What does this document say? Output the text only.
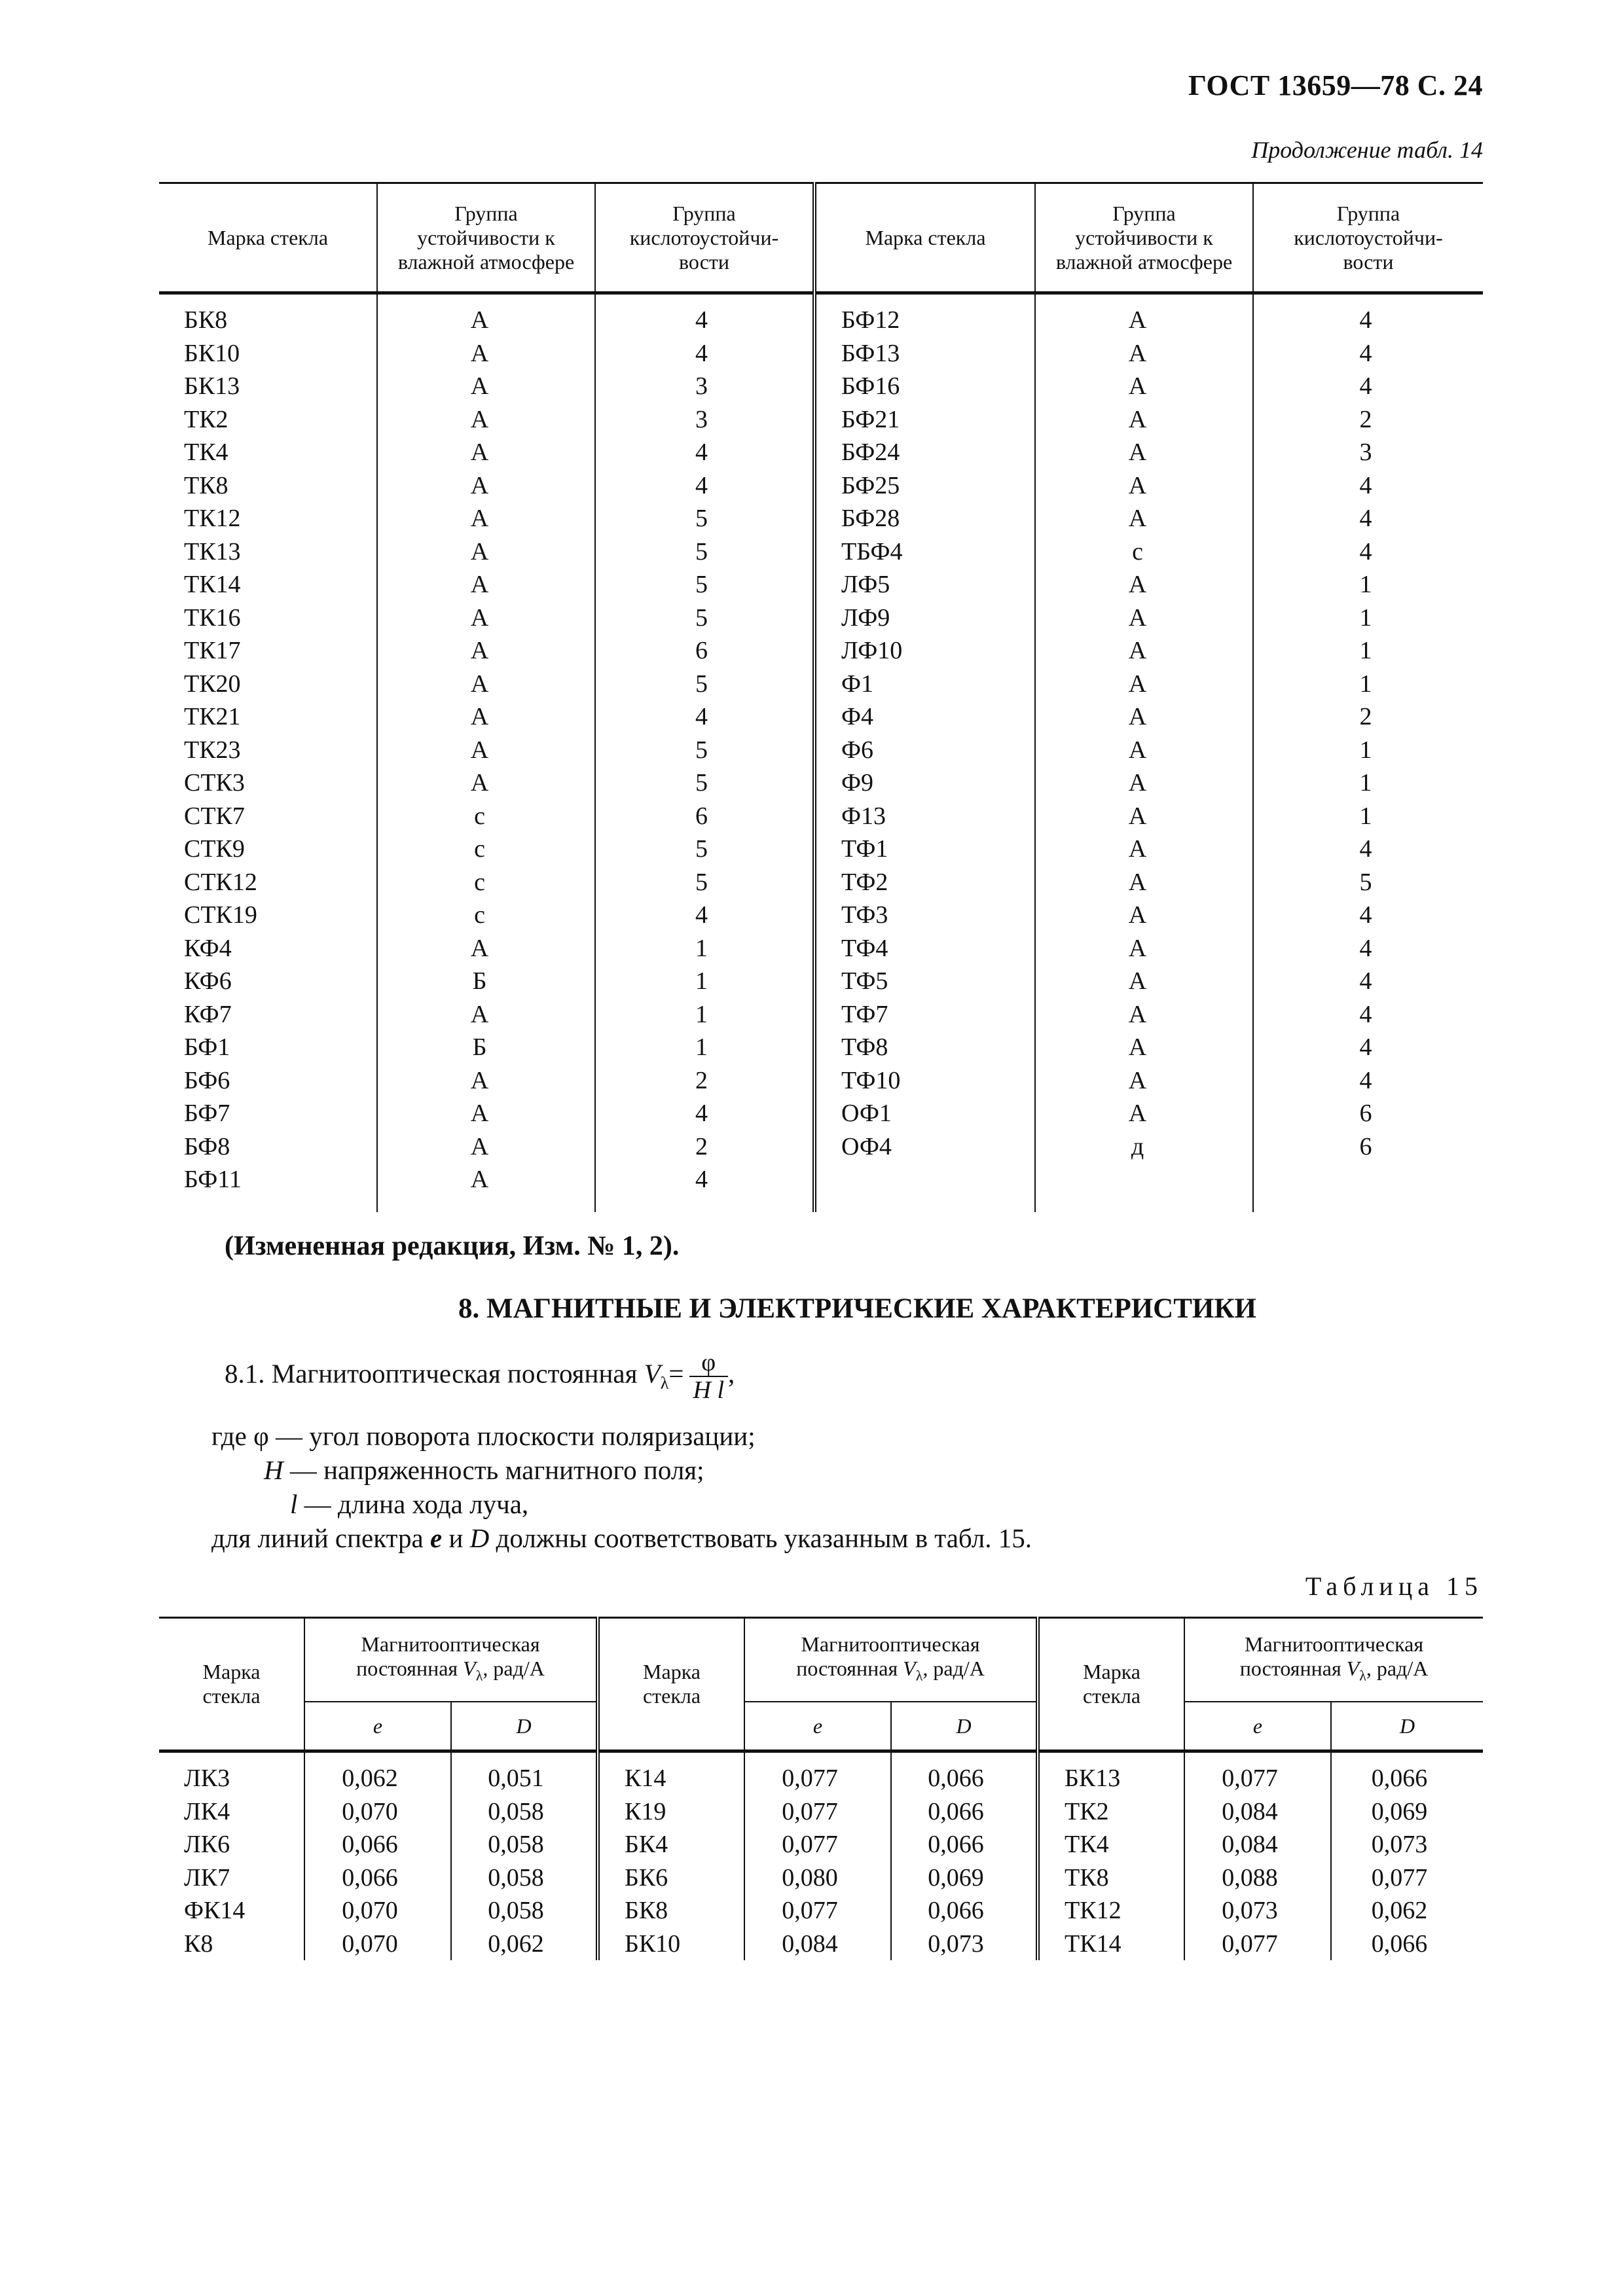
ГОСТ 13659—78 С. 24
Продолжение табл. 14
Марка стекла	Группа
устойчивости к
влажной атмосфере	Группа
кислотоустойчи-
вости	Марка стекла	Группа
устойчивости к
влажной атмосфере	Группа
кислотоустойчи-
вости
БК8	А	4	БФ12	А	4
БК10	А	4	БФ13	А	4
БК13	А	3	БФ16	А	4
ТК2	А	3	БФ21	А	2
ТК4	А	4	БФ24	А	3
ТК8	А	4	БФ25	А	4
ТК12	А	5	БФ28	А	4
ТК13	А	5	ТБФ4	с	4
ТК14	А	5	ЛФ5	А	1
ТК16	А	5	ЛФ9	А	1
ТК17	А	6	ЛФ10	А	1
ТК20	А	5	Ф1	А	1
ТК21	А	4	Ф4	А	2
ТК23	А	5	Ф6	А	1
СТК3	А	5	Ф9	А	1
СТК7	с	6	Ф13	А	1
СТК9	с	5	ТФ1	А	4
СТК12	с	5	ТФ2	А	5
СТК19	с	4	ТФ3	А	4
КФ4	А	1	ТФ4	А	4
КФ6	Б	1	ТФ5	А	4
КФ7	А	1	ТФ7	А	4
БФ1	Б	1	ТФ8	А	4
БФ6	А	2	ТФ10	А	4
БФ7	А	4	ОФ1	А	6
БФ8	А	2	ОФ4	д	6
БФ11	А	4			
(Измененная редакция, Изм. № 1, 2).
8. МАГНИТНЫЕ И ЭЛЕКТРИЧЕСКИЕ ХАРАКТЕРИСТИКИ
8.1. Магнитооптическая постоянная $V_\lambda= \frac{\varphi}{\text{H l}}$ ,
где φ — угол поворота плоскости поляризации;
H — напряженность магнитного поля;
l — длина хода луча,
для линий спектра e и D должны соответствовать указанным в табл. 15.
Таблица 15
Марка
стекла	Магнитооптическая
постоянная $V_\lambda$, рад/А		Марка
стекла	Магнитооптическая
постоянная $V_\lambda$, рад/А		Марка
стекла	Магнитооптическая
постоянная $V_\lambda$, рад/А	
	e	D		e	D		e	D
ЛК3	0,062	0,051	К14	0,077	0,066	БК13	0,077	0,066
ЛК4	0,070	0,058	К19	0,077	0,066	ТК2	0,084	0,069
ЛК6	0,066	0,058	БК4	0,077	0,066	ТК4	0,084	0,073
ЛК7	0,066	0,058	БК6	0,080	0,069	ТК8	0,088	0,077
ФК14	0,070	0,058	БК8	0,077	0,066	ТК12	0,073	0,062
К8	0,070	0,062	БК10	0,084	0,073	ТК14	0,077	0,066
